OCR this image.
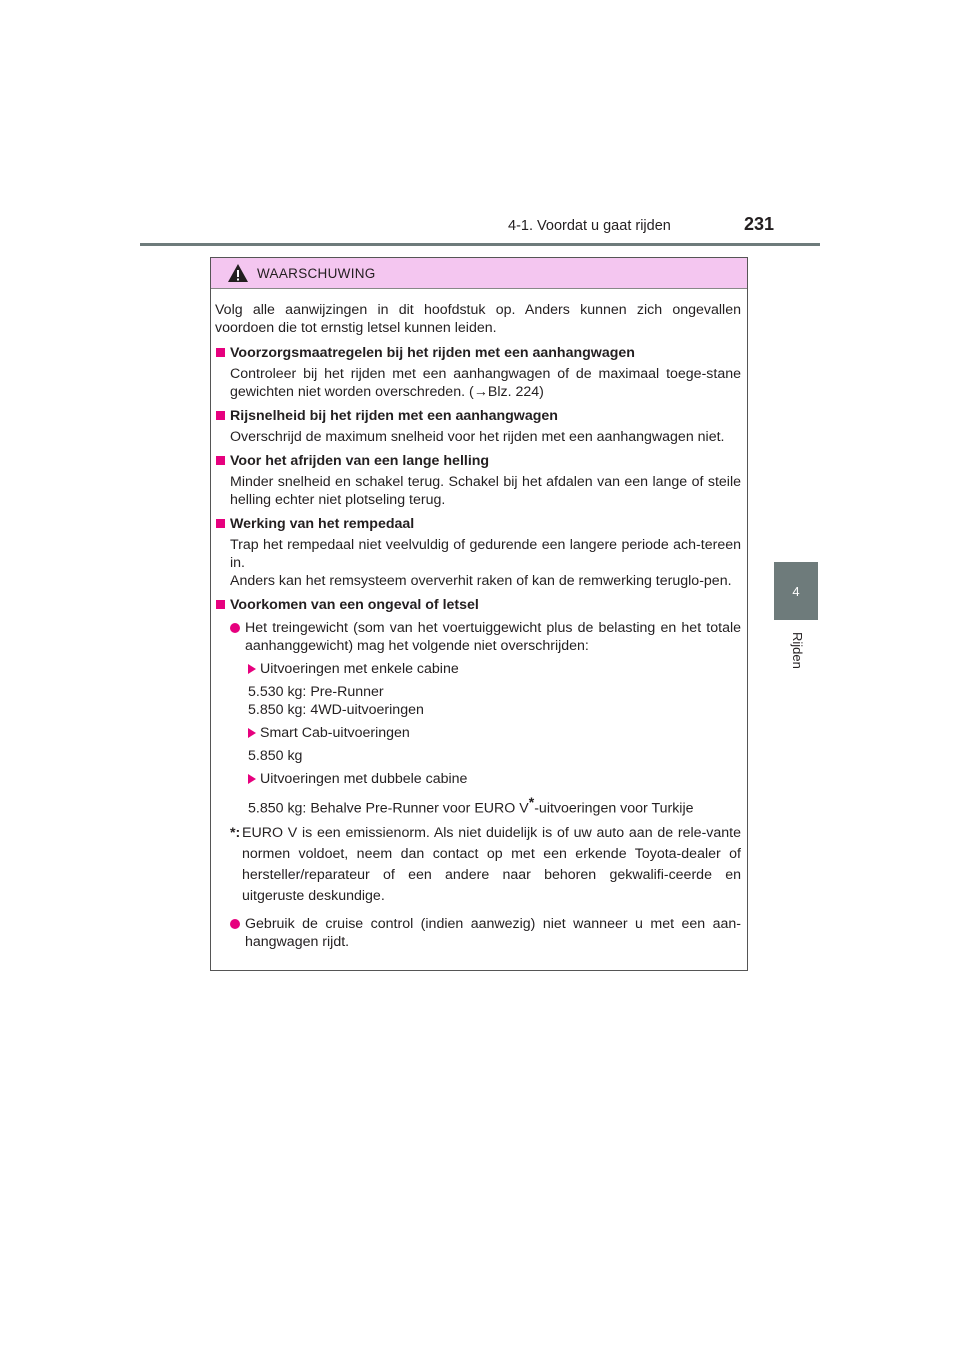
4-1. Voordat u gaat rijden	231
4
Rijden
WAARSCHUWING

Volg alle aanwijzingen in dit hoofdstuk op. Anders kunnen zich ongevallen voordoen die tot ernstig letsel kunnen leiden.

Voorzorgsmaatregelen bij het rijden met een aanhangwagen

Controleer bij het rijden met een aanhangwagen of de maximaal toege-stane gewichten niet worden overschreden. (→Blz. 224)

Rijsnelheid bij het rijden met een aanhangwagen

Overschrijd de maximum snelheid voor het rijden met een aanhangwagen niet.

Voor het afrijden van een lange helling

Minder snelheid en schakel terug. Schakel bij het afdalen van een lange of steile helling echter niet plotseling terug.

Werking van het rempedaal

Trap het rempedaal niet veelvuldig of gedurende een langere periode ach-tereen in.

Anders kan het remsysteem oververhit raken of kan de remwerking teruglo-pen.

Voorkomen van een ongeval of letsel
Het treingewicht (som van het voertuiggewicht plus de belasting en het totale aanhanggewicht) mag het volgende niet overschrijden:
Uitvoeringen met enkele cabine
5.530 kg: Pre-Runner
5.850 kg: 4WD-uitvoeringen
Smart Cab-uitvoeringen
5.850 kg
Uitvoeringen met dubbele cabine
5.850 kg: Behalve Pre-Runner voor EURO V*-uitvoeringen voor Turkije
*: EURO V is een emissienorm. Als niet duidelijk is of uw auto aan de rele-vante normen voldoet, neem dan contact op met een erkende Toyota-dealer of hersteller/reparateur of een andere naar behoren gekwalifi-ceerde en uitgeruste deskundige.
Gebruik de cruise control (indien aanwezig) niet wanneer u met een aan-hangwagen rijdt.
